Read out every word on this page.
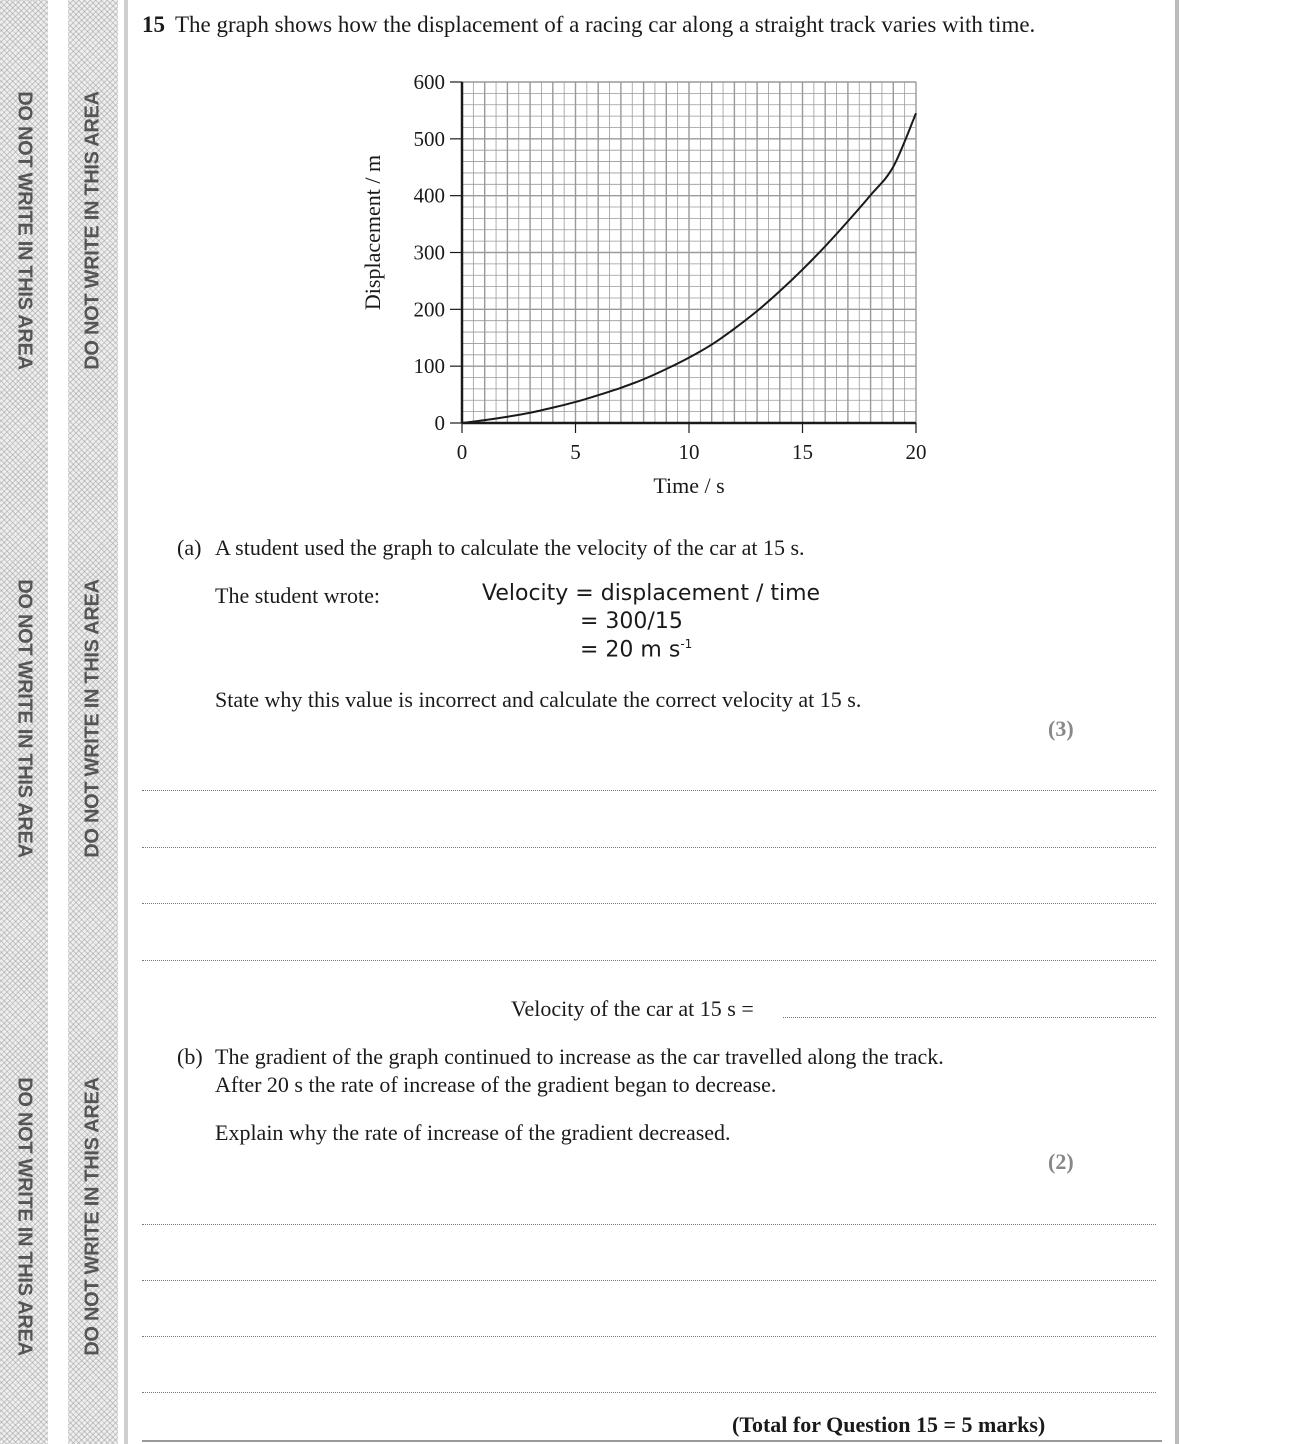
DO NOT WRITE IN THIS AREA
DO NOT WRITE IN THIS AREA
DO NOT WRITE IN THIS AREA
DO NOT WRITE IN THIS AREA
DO NOT WRITE IN THIS AREA
DO NOT WRITE IN THIS AREA
15 The graph shows how the displacement of a racing car along a straight track varies with time.
0
100
200
300
400
500
600
0	5	10	15	20
Time / s
Displacement / m
(a) A student used the graph to calculate the velocity of the car at 15 s.
The student wrote:	Velocity = displacement / time
= 300/15
= 20 m $s^{-1}$
State why this value is incorrect and calculate the correct velocity at 15 s.
(3)
Velocity of the car at 15 s =
(b) The gradient of the graph continued to increase as the car travelled along the track.
After 20 s the rate of increase of the gradient began to decrease.
Explain why the rate of increase of the gradient decreased.
(2)
(Total for Question 15 = 5 marks)
